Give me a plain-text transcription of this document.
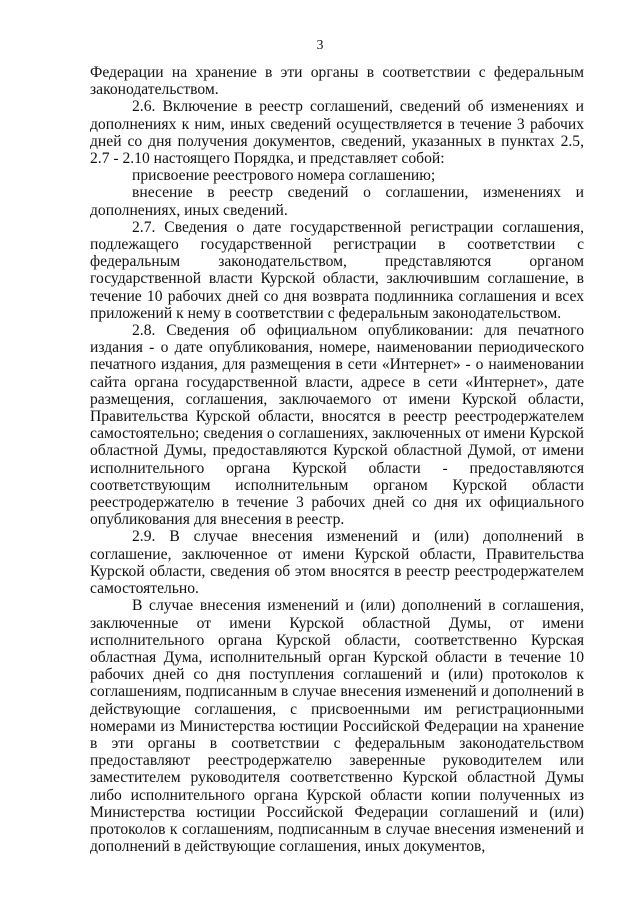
3

Федерации на хранение в эти органы в соответствии с федеральным законодательством.

2.6. Включение в реестр соглашений, сведений об изменениях и дополнениях к ним, иных сведений осуществляется в течение 3 рабочих дней со дня получения документов, сведений, указанных в пунктах 2.5, 2.7 - 2.10 настоящего Порядка, и представляет собой:

присвоение реестрового номера соглашению;

внесение в реестр сведений о соглашении, изменениях и дополнениях, иных сведений.

2.7. Сведения о дате государственной регистрации соглашения, подлежащего государственной регистрации в соответствии с федеральным законодательством, представляются органом государственной власти Курской области, заключившим соглашение, в течение 10 рабочих дней со дня возврата подлинника соглашения и всех приложений к нему в соответствии с федеральным законодательством.

2.8. Сведения об официальном опубликовании: для печатного издания - о дате опубликования, номере, наименовании периодического печатного издания, для размещения в сети «Интернет» - о наименовании сайта органа государственной власти, адресе в сети «Интернет», дате размещения, соглашения, заключаемого от имени Курской области, Правительства Курской области, вносятся в реестр реестродержателем самостоятельно; сведения о соглашениях, заключенных от имени Курской областной Думы, предоставляются Курской областной Думой, от имени исполнительного органа Курской области - предоставляются соответствующим исполнительным органом Курской области реестродержателю в течение 3 рабочих дней со дня их официального опубликования для внесения в реестр.

2.9. В случае внесения изменений и (или) дополнений в соглашение, заключенное от имени Курской области, Правительства Курской области, сведения об этом вносятся в реестр реестродержателем самостоятельно.

В случае внесения изменений и (или) дополнений в соглашения, заключенные от имени Курской областной Думы, от имени исполнительного органа Курской области, соответственно Курская областная Дума, исполнительный орган Курской области в течение 10 рабочих дней со дня поступления соглашений и (или) протоколов к соглашениям, подписанным в случае внесения изменений и дополнений в действующие соглашения, с присвоенными им регистрационными номерами из Министерства юстиции Российской Федерации на хранение в эти органы в соответствии с федеральным законодательством предоставляют реестродержателю заверенные руководителем или заместителем руководителя соответственно Курской областной Думы либо исполнительного органа Курской области копии полученных из Министерства юстиции Российской Федерации соглашений и (или) протоколов к соглашениям, подписанным в случае внесения изменений и дополнений в действующие соглашения, иных документов,
